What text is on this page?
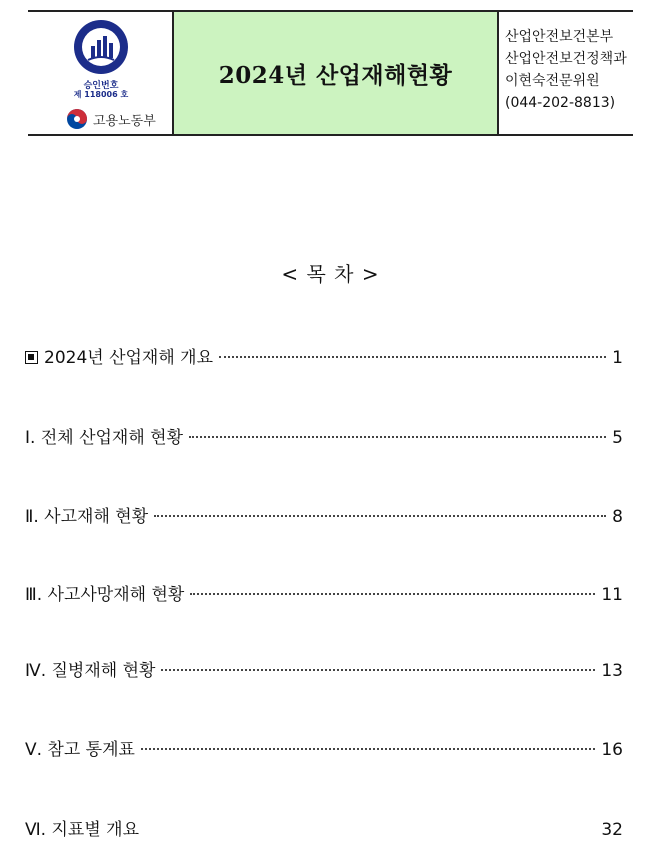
승인번호
제 118006 호
고용노동부
2024년 산업재해현황
산업안전보건본부
산업안전보건정책과
이현숙전문위원
(044-202-8813)
< 목 차 >
2024년 산업재해 개요	1
Ⅰ. 전체 산업재해 현황	5
Ⅱ. 사고재해 현황	8
Ⅲ. 사고사망재해 현황	11
Ⅳ. 질병재해 현황	13
Ⅴ. 참고 통계표	16
Ⅵ. 지표별 개요	32
